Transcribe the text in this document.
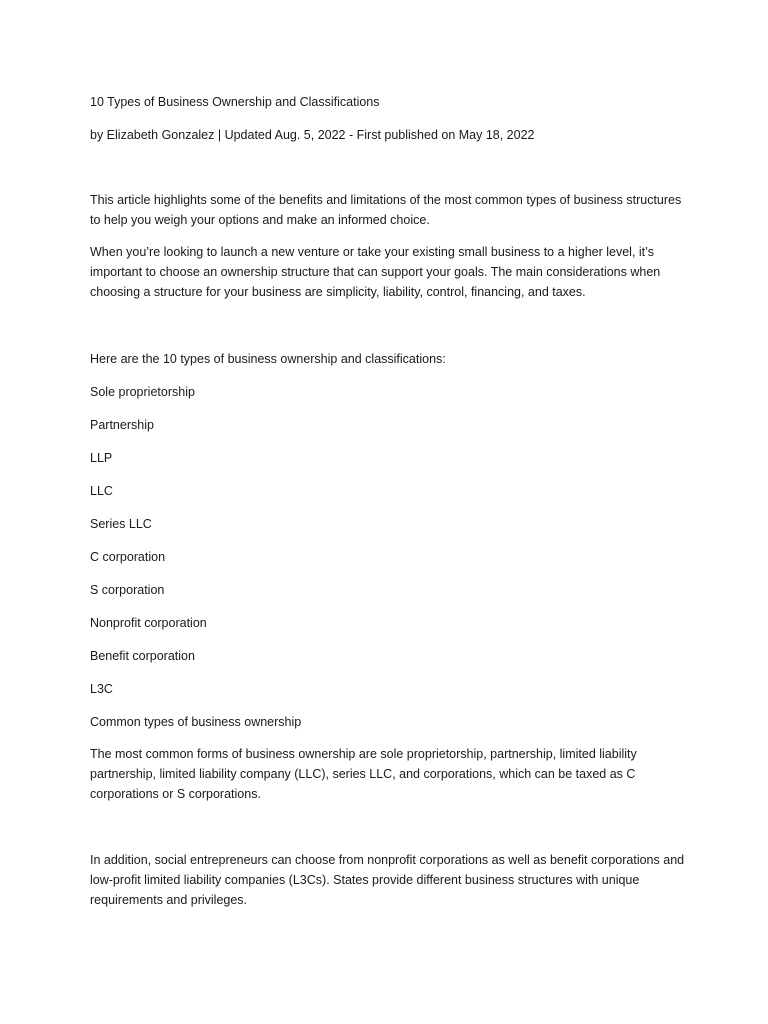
10 Types of Business Ownership and Classifications

by Elizabeth Gonzalez | Updated Aug. 5, 2022 - First published on May 18, 2022

This article highlights some of the benefits and limitations of the most common types of business structures to help you weigh your options and make an informed choice.

When you’re looking to launch a new venture or take your existing small business to a higher level, it’s important to choose an ownership structure that can support your goals. The main considerations when choosing a structure for your business are simplicity, liability, control, financing, and taxes.

Here are the 10 types of business ownership and classifications:

Sole proprietorship

Partnership

LLP

LLC

Series LLC

C corporation

S corporation

Nonprofit corporation

Benefit corporation

L3C

Common types of business ownership

The most common forms of business ownership are sole proprietorship, partnership, limited liability partnership, limited liability company (LLC), series LLC, and corporations, which can be taxed as C corporations or S corporations.

In addition, social entrepreneurs can choose from nonprofit corporations as well as benefit corporations and low-profit limited liability companies (L3Cs). States provide different business structures with unique requirements and privileges.
